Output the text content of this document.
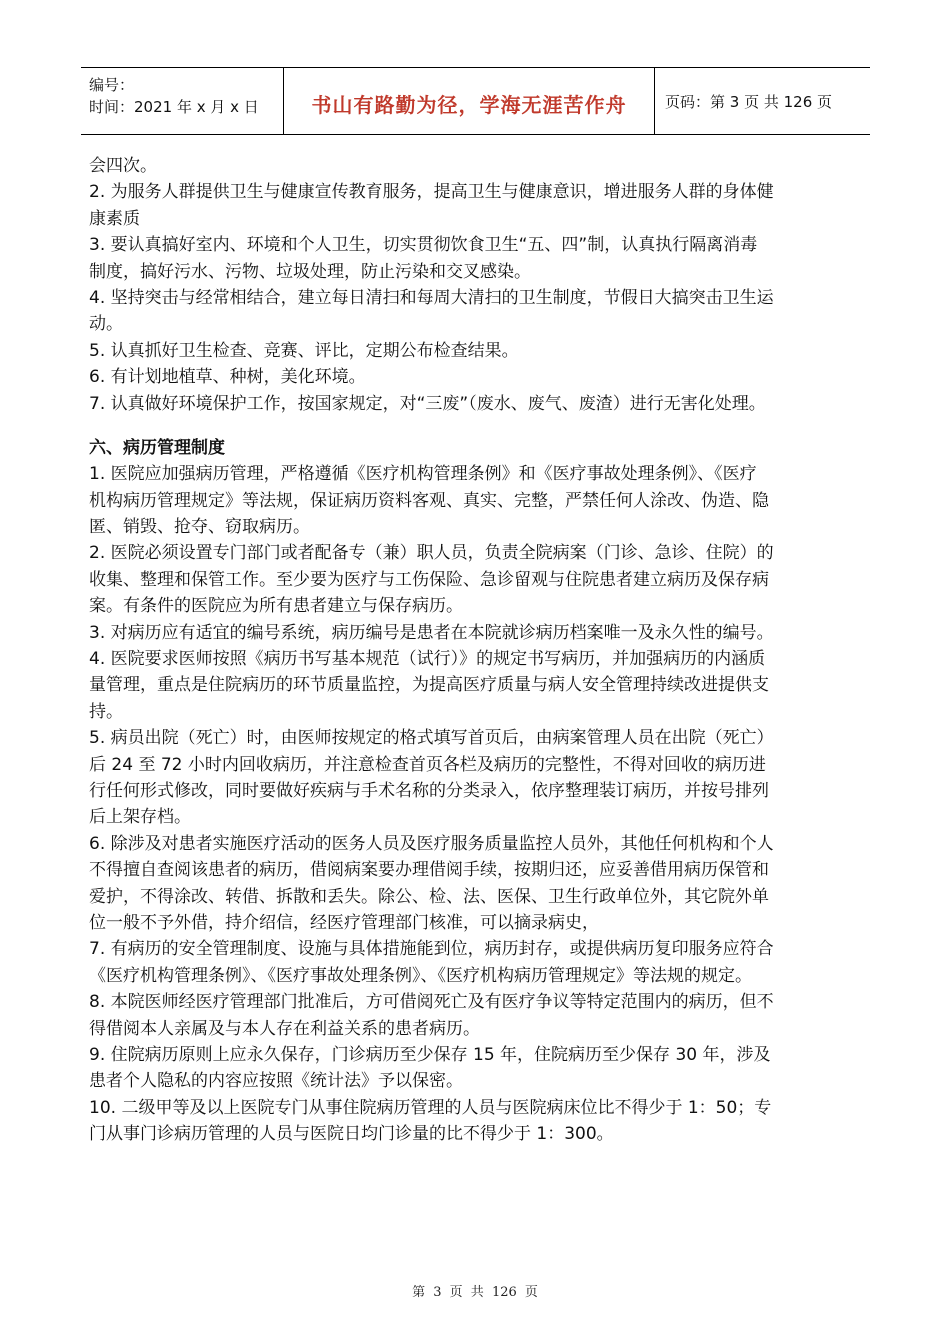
编号：
时间：2021 年 x 月 x 日	书山有路勤为径，学海无涯苦作舟	页码：第 3 页 共 126 页
会四次。
2. 为服务人群提供卫生与健康宣传教育服务，提高卫生与健康意识，增进服务人群的身体健
康素质
3. 要认真搞好室内、环境和个人卫生，切实贯彻饮食卫生“五、四”制，认真执行隔离消毒
制度，搞好污水、污物、垃圾处理，防止污染和交叉感染。
4. 坚持突击与经常相结合，建立每日清扫和每周大清扫的卫生制度，节假日大搞突击卫生运
动。
5. 认真抓好卫生检查、竞赛、评比，定期公布检查结果。
6. 有计划地植草、种树，美化环境。
7. 认真做好环境保护工作，按国家规定，对“三废”（废水、废气、废渣）进行无害化处理。
六、病历管理制度
1. 医院应加强病历管理，严格遵循《医疗机构管理条例》和《医疗事故处理条例》、《医疗
机构病历管理规定》等法规，保证病历资料客观、真实、完整，严禁任何人涂改、伪造、隐
匿、销毁、抢夺、窃取病历。
2. 医院必须设置专门部门或者配备专（兼）职人员，负责全院病案（门诊、急诊、住院）的
收集、整理和保管工作。至少要为医疗与工伤保险、急诊留观与住院患者建立病历及保存病
案。有条件的医院应为所有患者建立与保存病历。
3. 对病历应有适宜的编号系统，病历编号是患者在本院就诊病历档案唯一及永久性的编号。
4. 医院要求医师按照《病历书写基本规范（试行）》的规定书写病历，并加强病历的内涵质
量管理，重点是住院病历的环节质量监控，为提高医疗质量与病人安全管理持续改进提供支
持。
5. 病员出院（死亡）时，由医师按规定的格式填写首页后，由病案管理人员在出院（死亡）
后 24 至 72 小时内回收病历，并注意检查首页各栏及病历的完整性，不得对回收的病历进
行任何形式修改，同时要做好疾病与手术名称的分类录入，依序整理装订病历，并按号排列
后上架存档。
6. 除涉及对患者实施医疗活动的医务人员及医疗服务质量监控人员外，其他任何机构和个人
不得擅自查阅该患者的病历，借阅病案要办理借阅手续，按期归还，应妥善借用病历保管和
爱护，不得涂改、转借、拆散和丢失。除公、检、法、医保、卫生行政单位外，其它院外单
位一般不予外借，持介绍信，经医疗管理部门核准，可以摘录病史，
7. 有病历的安全管理制度、设施与具体措施能到位，病历封存，或提供病历复印服务应符合
《医疗机构管理条例》、《医疗事故处理条例》、《医疗机构病历管理规定》等法规的规定。
8. 本院医师经医疗管理部门批准后，方可借阅死亡及有医疗争议等特定范围内的病历，但不
得借阅本人亲属及与本人存在利益关系的患者病历。
9. 住院病历原则上应永久保存，门诊病历至少保存 15 年，住院病历至少保存 30 年，涉及
患者个人隐私的内容应按照《统计法》予以保密。
10. 二级甲等及以上医院专门从事住院病历管理的人员与医院病床位比不得少于 1：50；专
门从事门诊病历管理的人员与医院日均门诊量的比不得少于 1：300。
第 3 页 共 126 页
